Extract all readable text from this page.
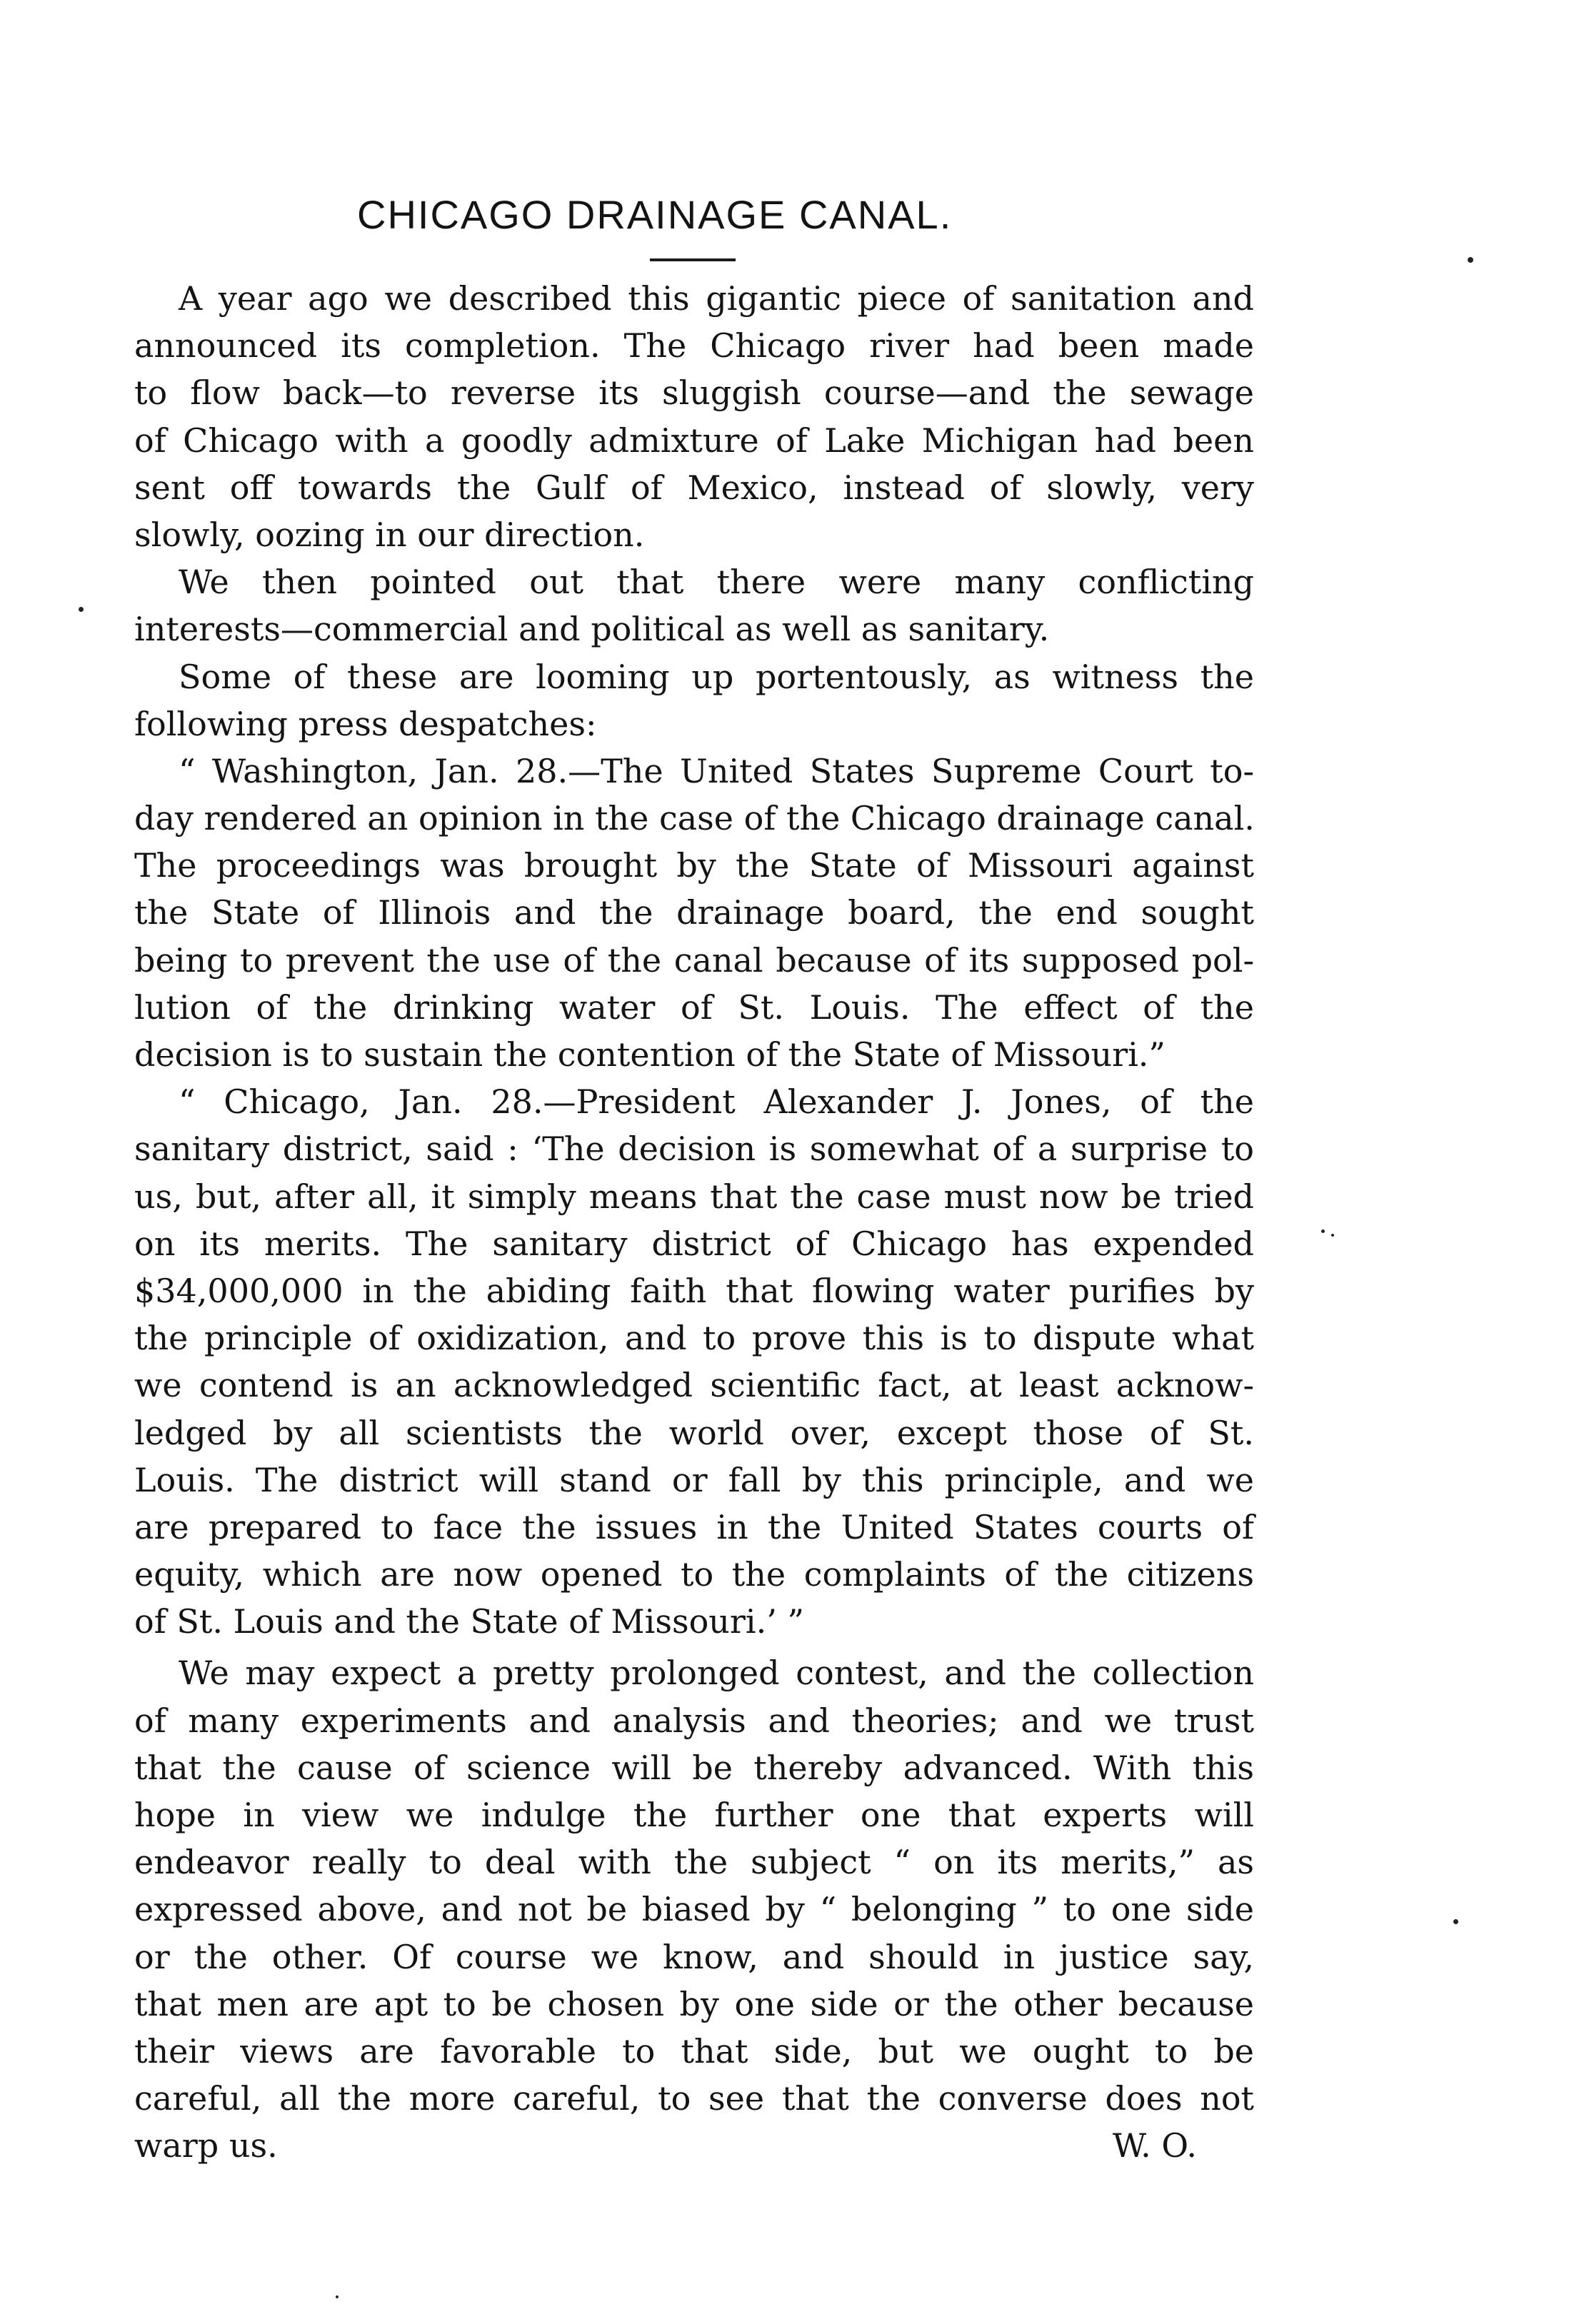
CHICAGO DRAINAGE CANAL.
A year ago we described this gigantic piece of sanitation and
announced its completion. The Chicago river had been made
to flow back—to reverse its sluggish course—and the sewage
of Chicago with a goodly admixture of Lake Michigan had been
sent off towards the Gulf of Mexico, instead of slowly, very
slowly, oozing in our direction.
We then pointed out that there were many conflicting
interests—commercial and political as well as sanitary.
Some of these are looming up portentously, as witness the
following press despatches:
“ Washington, Jan. 28.—The United States Supreme Court to-
day rendered an opinion in the case of the Chicago drainage canal.
The proceedings was brought by the State of Missouri against
the State of Illinois and the drainage board, the end sought
being to prevent the use of the canal because of its supposed pol-
lution of the drinking water of St. Louis. The effect of the
decision is to sustain the contention of the State of Missouri.”
“ Chicago, Jan. 28.—President Alexander J. Jones, of the
sanitary district, said : ‘The decision is somewhat of a surprise to
us, but, after all, it simply means that the case must now be tried
on its merits. The sanitary district of Chicago has expended
$34,000,000 in the abiding faith that flowing water purifies by
the principle of oxidization, and to prove this is to dispute what
we contend is an acknowledged scientific fact, at least acknow-
ledged by all scientists the world over, except those of St.
Louis. The district will stand or fall by this principle, and we
are prepared to face the issues in the United States courts of
equity, which are now opened to the complaints of the citizens
of St. Louis and the State of Missouri.’ ”
We may expect a pretty prolonged contest, and the collection
of many experiments and analysis and theories; and we trust
that the cause of science will be thereby advanced. With this
hope in view we indulge the further one that experts will
endeavor really to deal with the subject “ on its merits,” as
expressed above, and not be biased by “ belonging ” to one side
or the other. Of course we know, and should in justice say,
that men are apt to be chosen by one side or the other because
their views are favorable to that side, but we ought to be
careful, all the more careful, to see that the converse does not
warp us.	W. O.
